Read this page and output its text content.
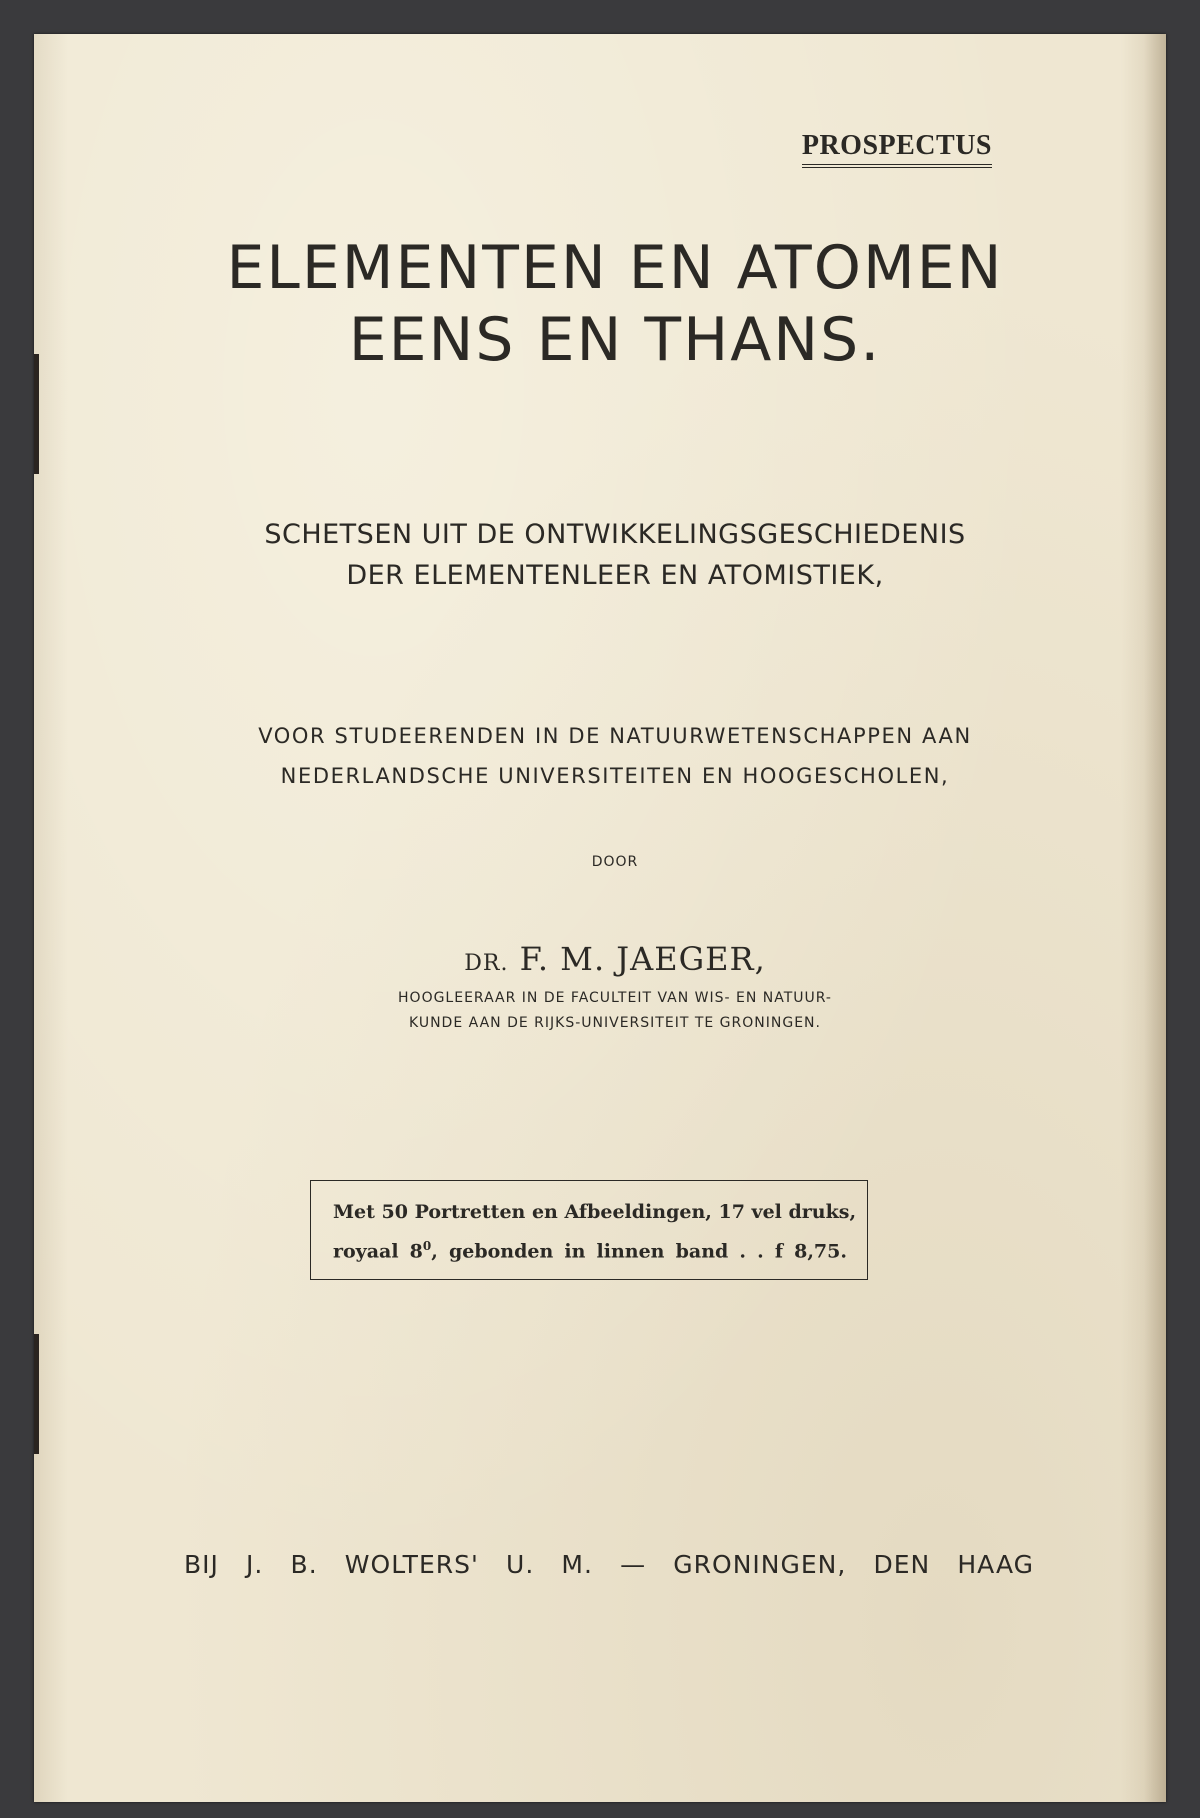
PROSPECTUS
ELEMENTEN EN ATOMEN
EENS EN THANS.
SCHETSEN UIT DE ONTWIKKELINGSGESCHIEDENIS
DER ELEMENTENLEER EN ATOMISTIEK,
VOOR STUDEERENDEN IN DE NATUURWETENSCHAPPEN AAN
NEDERLANDSCHE UNIVERSITEITEN EN HOOGESCHOLEN,
DOOR
DR. F. M. JAEGER,
HOOGLEERAAR IN DE FACULTEIT VAN WIS- EN NATUUR-
KUNDE AAN DE RIJKS-UNIVERSITEIT TE GRONINGEN.
Met 50 Portretten en Afbeeldingen, 17 vel druks,
royaal $8^0$, gebonden in linnen band . . f 8,75.
BIJ J. B. WOLTERS' U. M. — GRONINGEN, DEN HAAG
